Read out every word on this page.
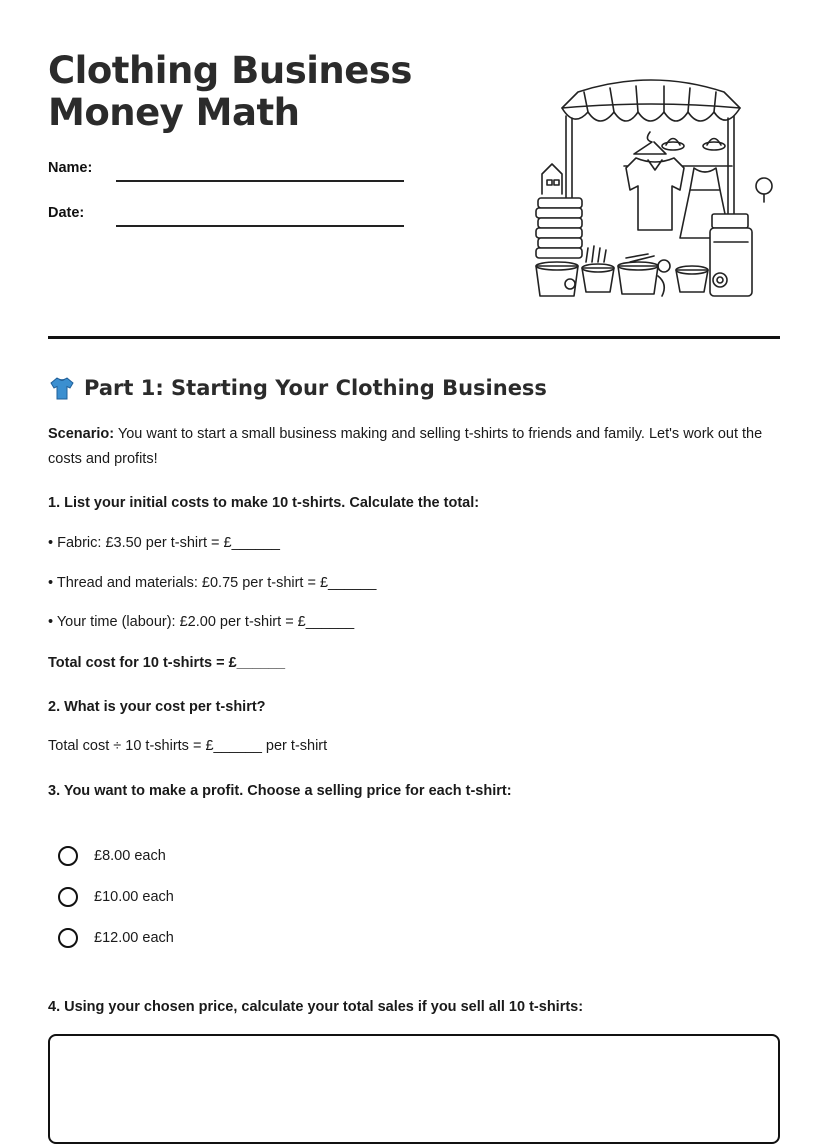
Clothing Business
Money Math
Name:
Date:
Part 1: Starting Your Clothing Business
Scenario: You want to start a small business making and selling t-shirts to friends and family. Let's work out the costs and profits!
1. List your initial costs to make 10 t-shirts. Calculate the total:
• Fabric: £3.50 per t-shirt = £______
• Thread and materials: £0.75 per t-shirt = £______
• Your time (labour): £2.00 per t-shirt = £______
Total cost for 10 t-shirts = £______
2. What is your cost per t-shirt?
Total cost ÷ 10 t-shirts = £______ per t-shirt
3. You want to make a profit. Choose a selling price for each t-shirt:
£8.00 each
£10.00 each
£12.00 each
4. Using your chosen price, calculate your total sales if you sell all 10 t-shirts:
